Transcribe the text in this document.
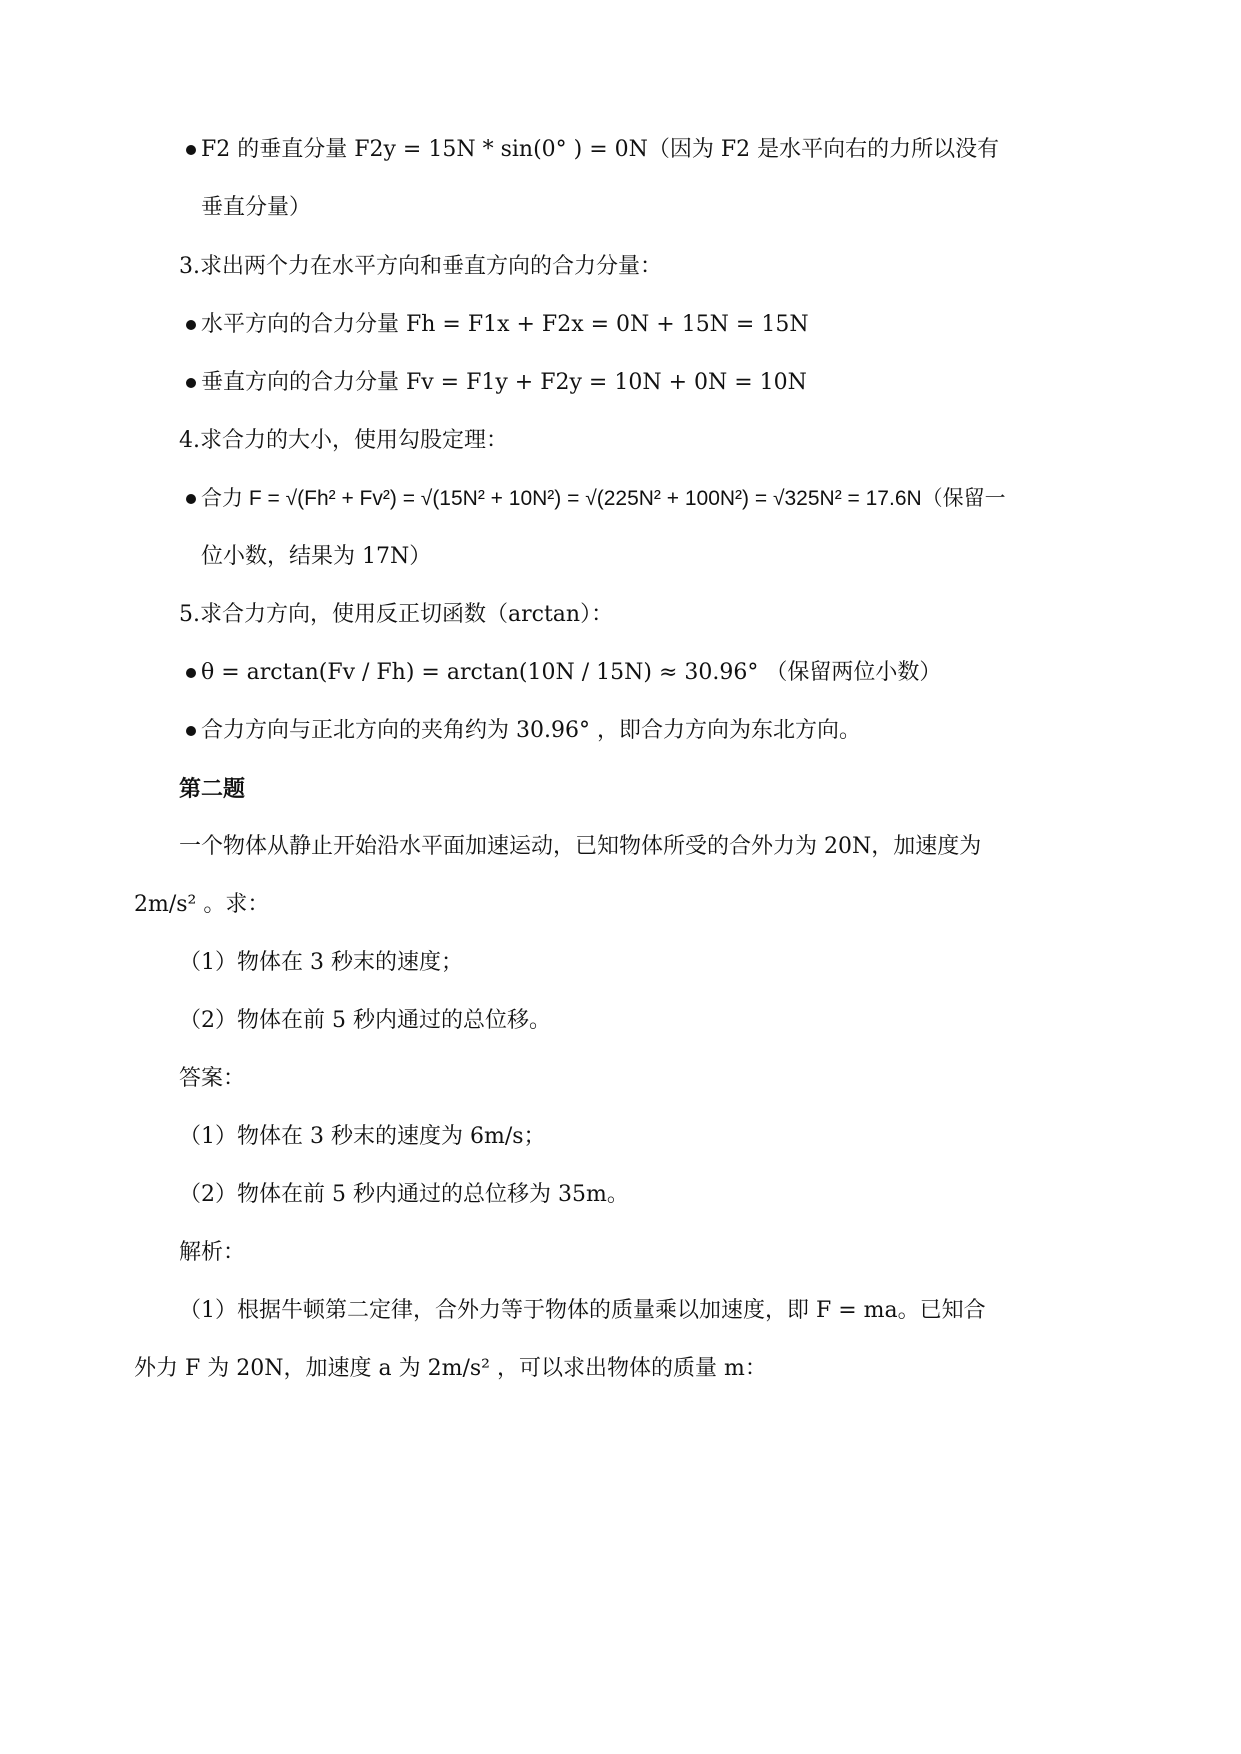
F2 的垂直分量 F2y = 15N * sin(0° ) = 0N（因为 F2 是水平向右的力所以没有
垂直分量）
3.求出两个力在水平方向和垂直方向的合力分量：
水平方向的合力分量 Fh = F1x + F2x = 0N + 15N = 15N
垂直方向的合力分量 Fv = F1y + F2y = 10N + 0N = 10N
4.求合力的大小，使用勾股定理：
合力 F = √(Fh² + Fv²) = √(15N² + 10N²) = √(225N² + 100N²) = √325N² = 17.6N（保留一
位小数，结果为 17N）
5.求合力方向，使用反正切函数（arctan）：
θ = arctan(Fv / Fh) = arctan(10N / 15N) ≈ 30.96° （保留两位小数）
合力方向与正北方向的夹角约为 30.96° ，即合力方向为东北方向。
第二题
一个物体从静止开始沿水平面加速运动，已知物体所受的合外力为 20N，加速度为
2m/s² 。求：
（1）物体在 3 秒末的速度；
（2）物体在前 5 秒内通过的总位移。
答案：
（1）物体在 3 秒末的速度为 6m/s；
（2）物体在前 5 秒内通过的总位移为 35m。
解析：
（1）根据牛顿第二定律，合外力等于物体的质量乘以加速度，即 F = ma。已知合
外力 F 为 20N，加速度 a 为 2m/s² ，可以求出物体的质量 m：
